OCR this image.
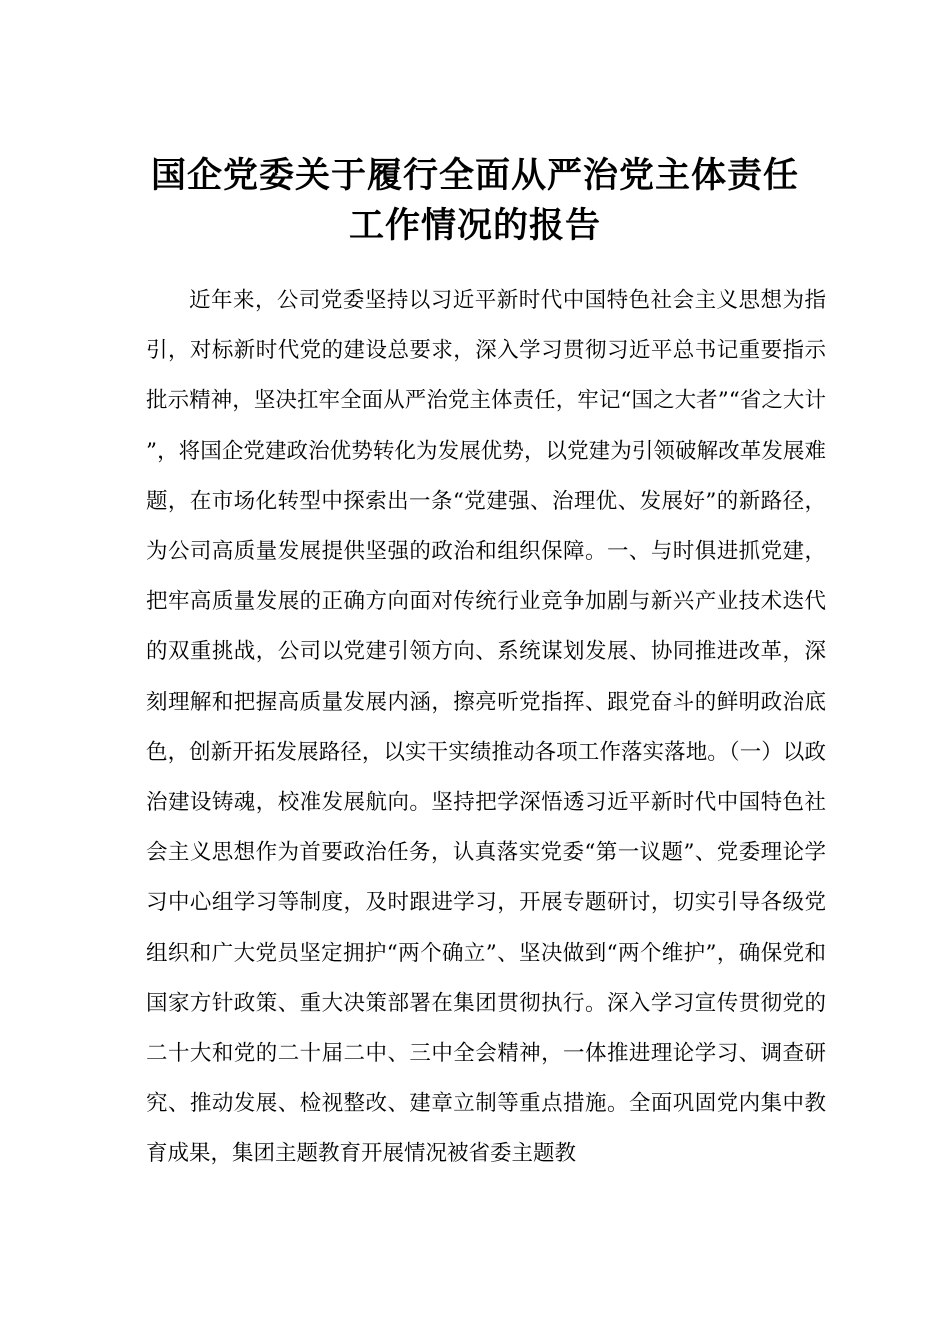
国企党委关于履行全面从严治党主体责任
工作情况的报告

近年来，公司党委坚持以习近平新时代中国特色社会主义思想为指引，对标新时代党的建设总要求，深入学习贯彻习近平总书记重要指示批示精神，坚决扛牢全面从严治党主体责任，牢记“国之大者”“省之大计”，将国企党建政治优势转化为发展优势，以党建为引领破解改革发展难题，在市场化转型中探索出一条“党建强、治理优、发展好”的新路径，为公司高质量发展提供坚强的政治和组织保障。一、与时俱进抓党建，把牢高质量发展的正确方向面对传统行业竞争加剧与新兴产业技术迭代的双重挑战，公司以党建引领方向、系统谋划发展、协同推进改革，深刻理解和把握高质量发展内涵，擦亮听党指挥、跟党奋斗的鲜明政治底色，创新开拓发展路径，以实干实绩推动各项工作落实落地。（一）以政治建设铸魂，校准发展航向。坚持把学深悟透习近平新时代中国特色社会主义思想作为首要政治任务，认真落实党委“第一议题”、党委理论学习中心组学习等制度，及时跟进学习，开展专题研讨，切实引导各级党组织和广大党员坚定拥护“两个确立”、坚决做到“两个维护”，确保党和国家方针政策、重大决策部署在集团贯彻执行。深入学习宣传贯彻党的二十大和党的二十届二中、三中全会精神，一体推进理论学习、调查研究、推动发展、检视整改、建章立制等重点措施。全面巩固党内集中教育成果，集团主题教育开展情况被省委主题教
